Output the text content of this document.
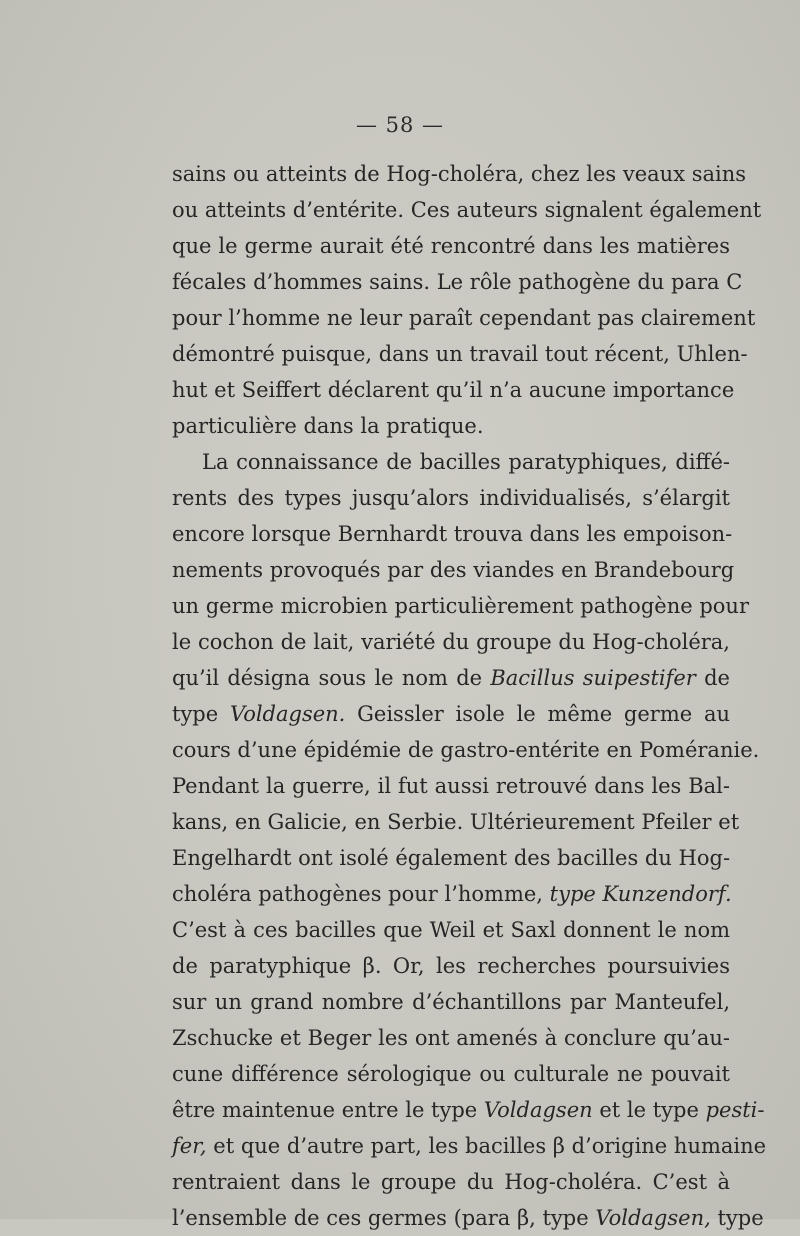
— 58 —
sains ou atteints de Hog-choléra, chez les veaux sains
ou atteints d’entérite. Ces auteurs signalent également
que le germe aurait été rencontré dans les matières
fécales d’hommes sains. Le rôle pathogène du para C
pour l’homme ne leur paraît cependant pas clairement
démontré puisque, dans un travail tout récent, Uhlen-
hut et Seiffert déclarent qu’il n’a aucune importance
particulière dans la pratique.
La connaissance de bacilles paratyphiques, diffé-
rents des types jusqu’alors individualisés, s’élargit
encore lorsque Bernhardt trouva dans les empoison-
nements provoqués par des viandes en Brandebourg
un germe microbien particulièrement pathogène pour
le cochon de lait, variété du groupe du Hog-choléra,
qu’il désigna sous le nom de Bacillus suipestifer de
type Voldagsen. Geissler isole le même germe au
cours d’une épidémie de gastro-entérite en Poméranie.
Pendant la guerre, il fut aussi retrouvé dans les Bal-
kans, en Galicie, en Serbie. Ultérieurement Pfeiler et
Engelhardt ont isolé également des bacilles du Hog-
choléra pathogènes pour l’homme, type Kunzendorf.
C’est à ces bacilles que Weil et Saxl donnent le nom
de paratyphique β. Or, les recherches poursuivies
sur un grand nombre d’échantillons par Manteufel,
Zschucke et Beger les ont amenés à conclure qu’au-
cune différence sérologique ou culturale ne pouvait
être maintenue entre le type Voldagsen et le type pesti-
fer, et que d’autre part, les bacilles β d’origine humaine
rentraient dans le groupe du Hog-choléra. C’est à
l’ensemble de ces germes (para β, type Voldagsen, type
